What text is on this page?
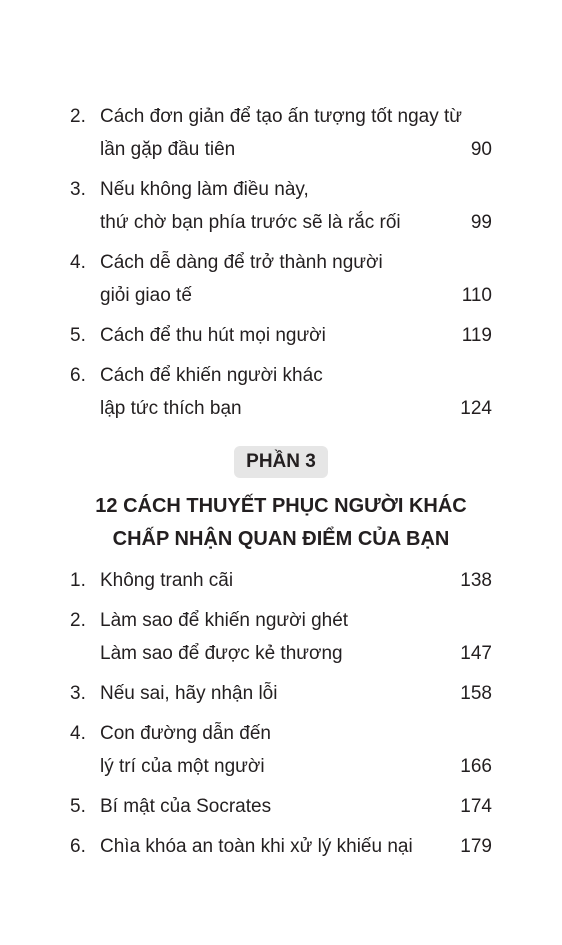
2. Cách đơn giản để tạo ấn tượng tốt ngay từ
lần gặp đầu tiên	90
3. Nếu không làm điều này,
thứ chờ bạn phía trước sẽ là rắc rối	99
4. Cách dễ dàng để trở thành người
giỏi giao tế	110
5. Cách để thu hút mọi người	119
6. Cách để khiến người khác
lập tức thích bạn	124
PHẦN 3
12 CÁCH THUYẾT PHỤC NGƯỜI KHÁC
CHẤP NHẬN QUAN ĐIỂM CỦA BẠN
1. Không tranh cãi	138
2. Làm sao để khiến người ghét
Làm sao để được kẻ thương	147
3. Nếu sai, hãy nhận lỗi	158
4. Con đường dẫn đến
lý trí của một người	166
5. Bí mật của Socrates	174
6. Chìa khóa an toàn khi xử lý khiếu nại	179
